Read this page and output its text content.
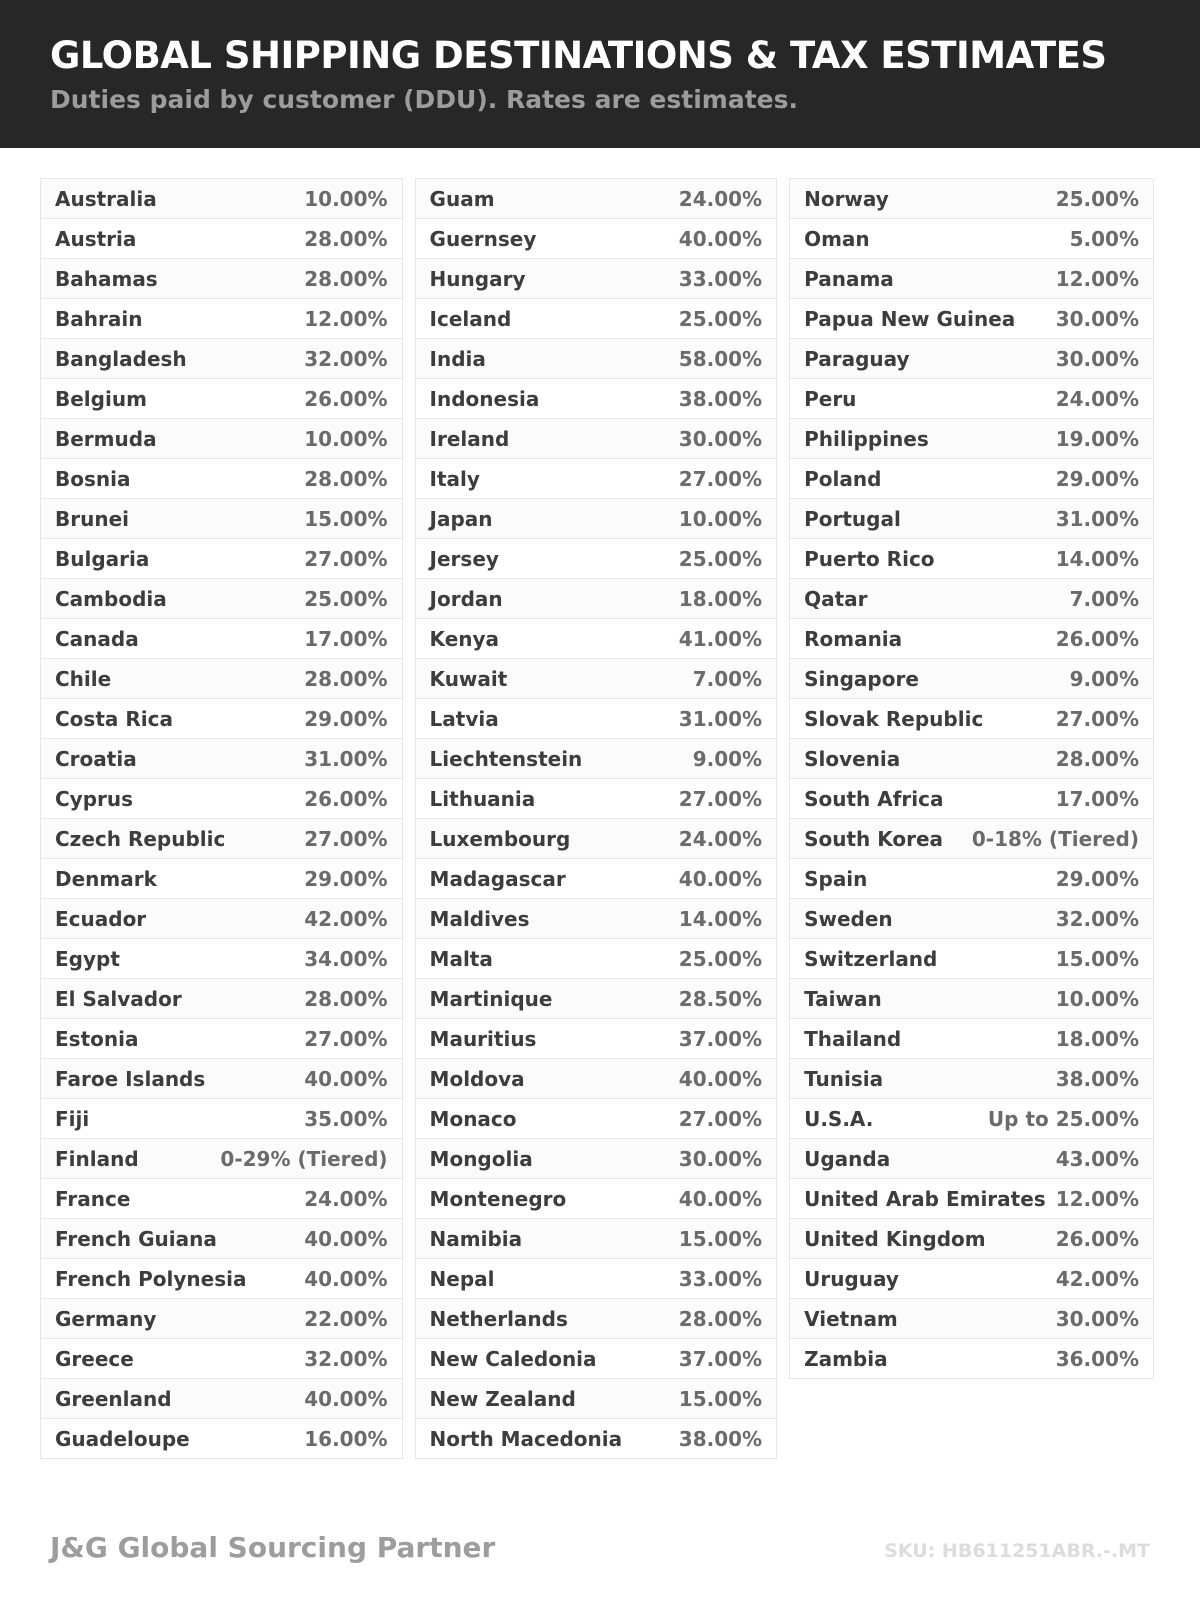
GLOBAL SHIPPING DESTINATIONS & TAX ESTIMATES

Duties paid by customer (DDU). Rates are estimates.

Australia	10.00%
Austria	28.00%
Bahamas	28.00%
Bahrain	12.00%
Bangladesh	32.00%
Belgium	26.00%
Bermuda	10.00%
Bosnia	28.00%
Brunei	15.00%
Bulgaria	27.00%
Cambodia	25.00%
Canada	17.00%
Chile	28.00%
Costa Rica	29.00%
Croatia	31.00%
Cyprus	26.00%
Czech Republic	27.00%
Denmark	29.00%
Ecuador	42.00%
Egypt	34.00%
El Salvador	28.00%
Estonia	27.00%
Faroe Islands	40.00%
Fiji	35.00%
Finland	0-29% (Tiered)
France	24.00%
French Guiana	40.00%
French Polynesia	40.00%
Germany	22.00%
Greece	32.00%
Greenland	40.00%
Guadeloupe	16.00%
Guam	24.00%
Guernsey	40.00%
Hungary	33.00%
Iceland	25.00%
India	58.00%
Indonesia	38.00%
Ireland	30.00%
Italy	27.00%
Japan	10.00%
Jersey	25.00%
Jordan	18.00%
Kenya	41.00%
Kuwait	7.00%
Latvia	31.00%
Liechtenstein	9.00%
Lithuania	27.00%
Luxembourg	24.00%
Madagascar	40.00%
Maldives	14.00%
Malta	25.00%
Martinique	28.50%
Mauritius	37.00%
Moldova	40.00%
Monaco	27.00%
Mongolia	30.00%
Montenegro	40.00%
Namibia	15.00%
Nepal	33.00%
Netherlands	28.00%
New Caledonia	37.00%
New Zealand	15.00%
North Macedonia	38.00%
Norway	25.00%
Oman	5.00%
Panama	12.00%
Papua New Guinea 30.00%
Paraguay	30.00%
Peru	24.00%
Philippines	19.00%
Poland	29.00%
Portugal	31.00%
Puerto Rico	14.00%
Qatar	7.00%
Romania	26.00%
Singapore	9.00%
Slovak Republic	27.00%
Slovenia	28.00%
South Africa	17.00%
South Korea 0-18% (Tiered)
Spain	29.00%
Sweden	32.00%
Switzerland	15.00%
Taiwan	10.00%
Thailand	18.00%
Tunisia	38.00%
U.S.A.	Up to 25.00%
Uganda	43.00%
United Arab Emirates 12.00%
United Kingdom	26.00%
Uruguay	42.00%
Vietnam	30.00%
Zambia	36.00%
J&G Global Sourcing Partner	SKU: HB611251ABR.-.MT
